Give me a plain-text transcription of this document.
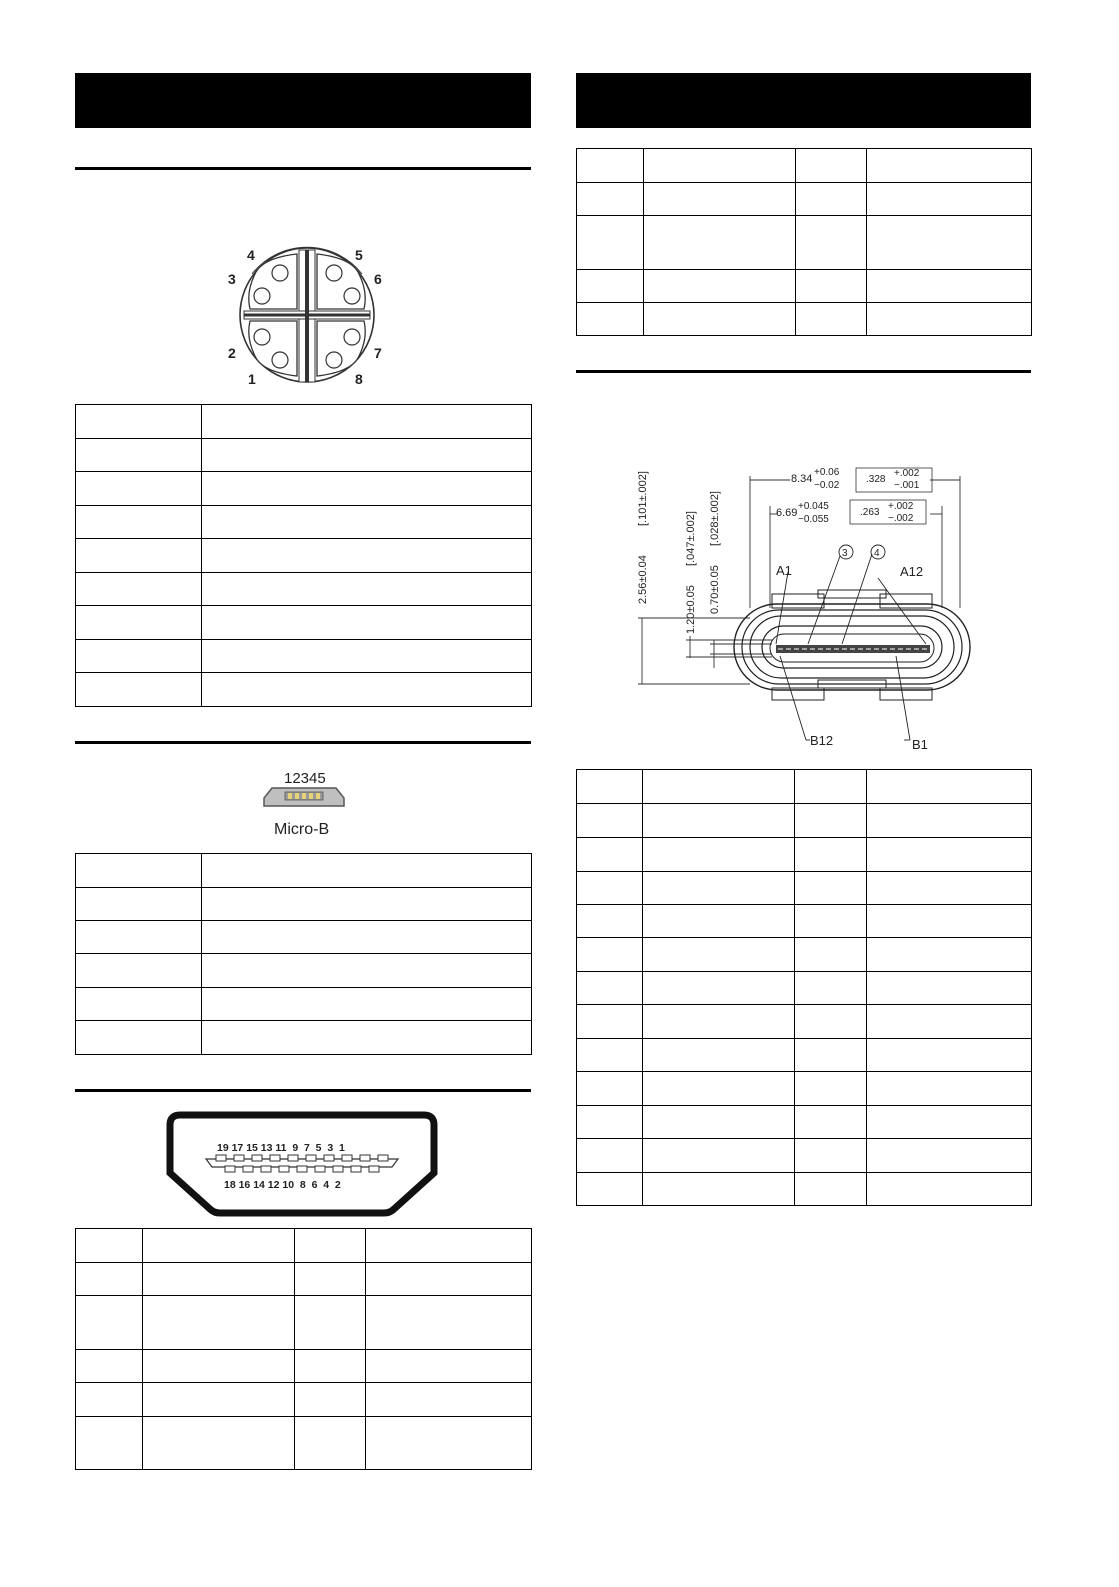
4
3
5
6
2
1
7
8

12345
Micro-B

19 17 15 13 11  9  7  5  3  1
18 16 14 12 10  8  6  4  2

2.56±0.04
[.101±.002]
1.20±0.05
[.047±.002]
0.70±0.05
[.028±.002]
8.34
+0.06
−0.02
.328
+.002
−.001
6.69
+0.045
−0.055
.263
+.002
−.002
3	4
A1	A12
B12	B1
